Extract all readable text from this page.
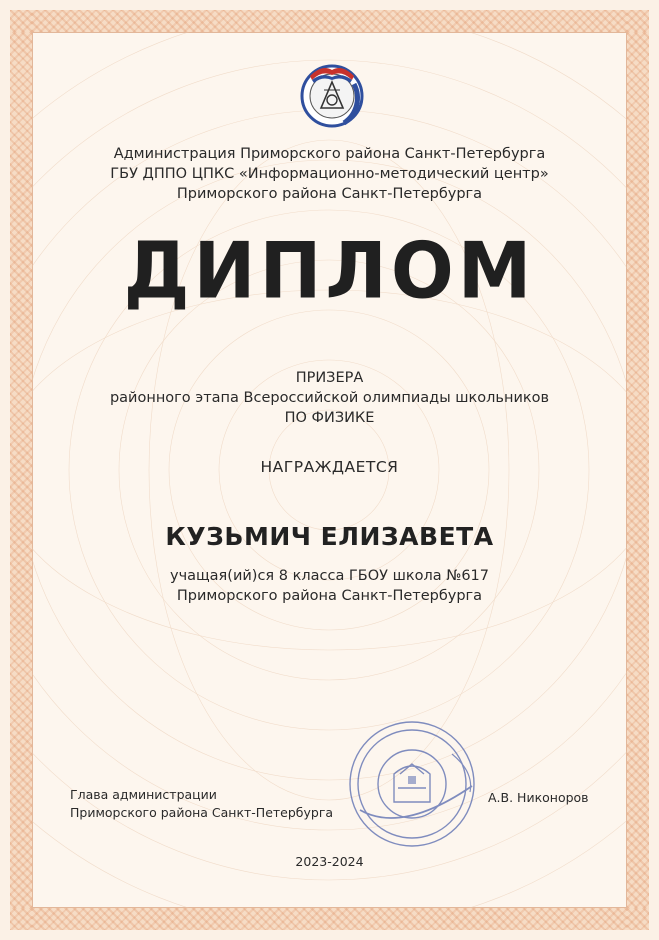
Администрация Приморского района Санкт-Петербурга
ГБУ ДППО ЦПКС «Информационно-методический центр»
Приморского района Санкт-Петербурга
ДИПЛОМ
ПРИЗЕРА
районного этапа Всероссийской олимпиады школьников
ПО ФИЗИКЕ
НАГРАЖДАЕТСЯ
КУЗЬМИЧ ЕЛИЗАВЕТА
учащая(ий)ся 8 класса ГБОУ школа №617
Приморского района Санкт-Петербурга
Глава администрации
Приморского района Санкт-Петербурга
А.В. Никоноров
2023-2024
